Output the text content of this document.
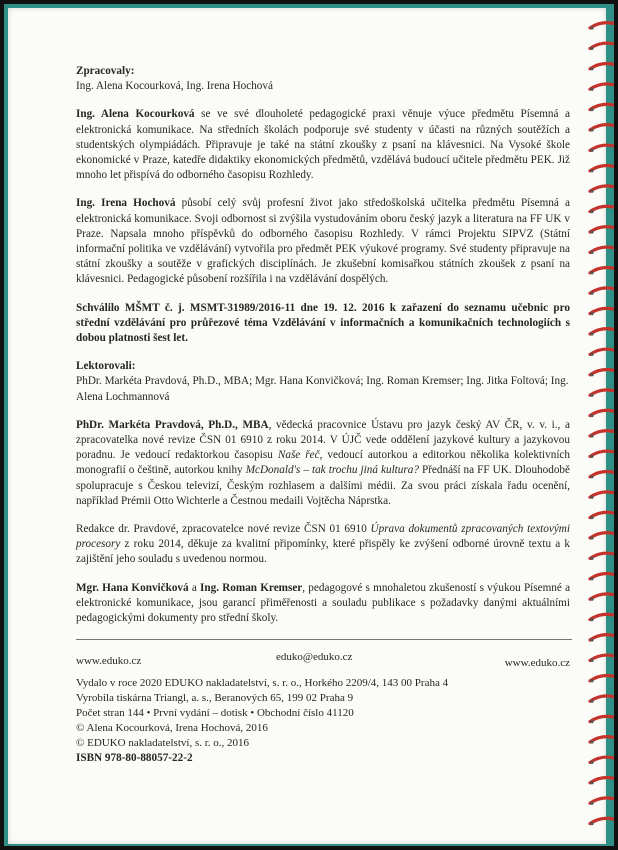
Zpracovaly:

Ing. Alena Kocourková, Ing. Irena Hochová

Ing. Alena Kocourková se ve své dlouholeté pedagogické praxi věnuje výuce předmětu Písemná a elektronická komunikace. Na středních školách podporuje své studenty v účasti na různých soutěžích a studentských olympiádách. Připravuje je také na státní zkoušky z psaní na klávesnici. Na Vysoké škole ekonomické v Praze, katedře didaktiky ekonomických předmětů, vzdělává budoucí učitele předmětu PEK. Již mnoho let přispívá do odborného časopisu Rozhledy.

Ing. Irena Hochová působí celý svůj profesní život jako středoškolská učitelka předmětu Písemná a elektronická komunikace. Svoji odbornost si zvýšila vystudováním oboru český jazyk a literatura na FF UK v Praze. Napsala mnoho příspěvků do odborného časopisu Rozhledy. V rámci Projektu SIPVZ (Státní informační politika ve vzdělávání) vytvořila pro předmět PEK výukové programy. Své studenty připravuje na státní zkoušky a soutěže v grafických disciplínách. Je zkušební komisařkou státních zkoušek z psaní na klávesnici. Pedagogické působení rozšířila i na vzdělávání dospělých.

Schválilo MŠMT č. j. MSMT-31989/2016-11 dne 19. 12. 2016 k zařazení do seznamu učebnic pro střední vzdělávání pro průřezové téma Vzdělávání v informačních a komunikačních technologiích s dobou platnosti šest let.

Lektorovali:

PhDr. Markéta Pravdová, Ph.D., MBA; Mgr. Hana Konvičková; Ing. Roman Kremser; Ing. Jitka Foltová; Ing. Alena Lochmannová

PhDr. Markéta Pravdová, Ph.D., MBA, vědecká pracovnice Ústavu pro jazyk český AV ČR, v. v. i., a zpracovatelka nové revize ČSN 01 6910 z roku 2014. V ÚJČ vede oddělení jazykové kultury a jazykovou poradnu. Je vedoucí redaktorkou časopisu Naše řeč, vedoucí autorkou a editorkou několika kolektivních monografií o češtině, autorkou knihy McDonald's – tak trochu jiná kultura? Přednáší na FF UK. Dlouhodobě spolupracuje s Českou televizí, Českým rozhlasem a dalšími médii. Za svou práci získala řadu ocenění, například Prémii Otto Wichterle a Čestnou medaili Vojtěcha Náprstka.

Redakce dr. Pravdové, zpracovatelce nové revize ČSN 01 6910 Úprava dokumentů zpracovaných textovými procesory z roku 2014, děkuje za kvalitní připomínky, které přispěly ke zvýšení odborné úrovně textu a k zajištění jeho souladu s uvedenou normou.

Mgr. Hana Konvičková a Ing. Roman Kremser, pedagogové s mnohaletou zkušeností s výukou Písemné a elektronické komunikace, jsou garancí přiměřenosti a souladu publikace s požadavky danými aktuálními pedagogickými dokumenty pro střední školy.

www.eduko.cz	eduko@eduko.cz	www.eduko.cz

Vydalo v roce 2020 EDUKO nakladatelství, s. r. o., Horkého 2209/4, 143 00 Praha 4

Vyrobila tiskárna Triangl, a. s., Beranových 65, 199 02 Praha 9

Počet stran 144 • První vydání – dotisk • Obchodní číslo 41120

© Alena Kocourková, Irena Hochová, 2016

© EDUKO nakladatelství, s. r. o., 2016

ISBN 978-80-88057-22-2
